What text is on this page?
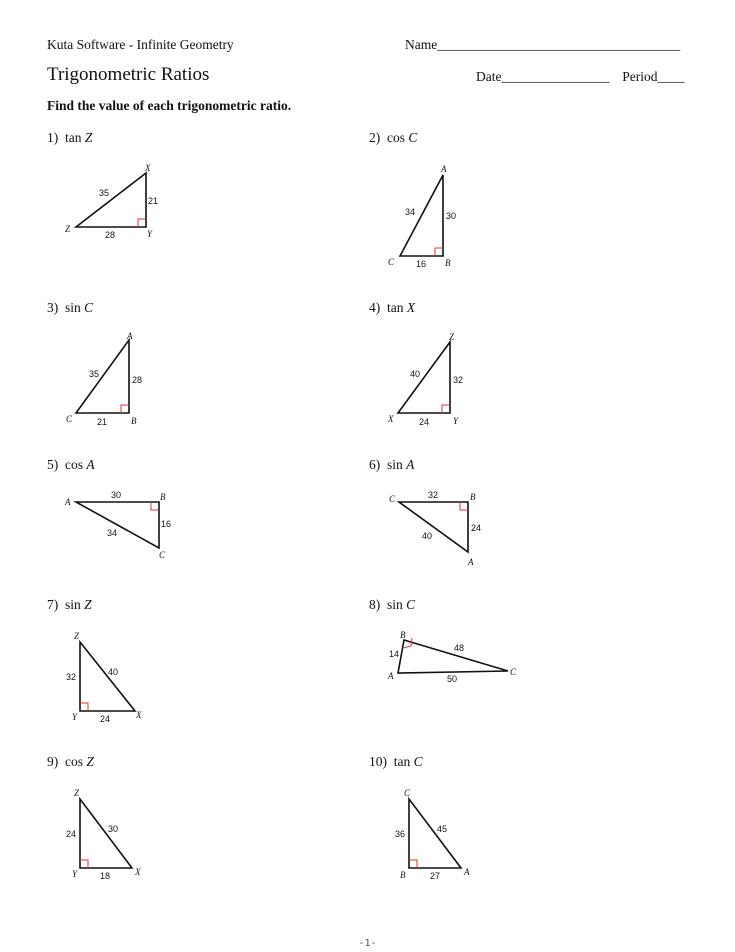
Kuta Software - Infinite Geometry	Name____________________________________
Trigonometric Ratios	Date________________ Period____
Find the value of each trigonometric ratio.
1) tan Z	2) cos C
3) sin C	4) tan X
5) cos A	6) sin A
7) sin Z	8) sin C
9) cos Z	10) tan C
Z
X
Y
28
21
35
C
A
B
16
30
34
C
A
B
21
28
35
X
Z
Y
24
32
40
A	B
C
30
16
34
C	B
A
32
24
40
Z
Y	X
32
24
40
B
A	C
14
50
48
Z
Y	X
24
18
30
C
B	A
36
27
45
-1-
